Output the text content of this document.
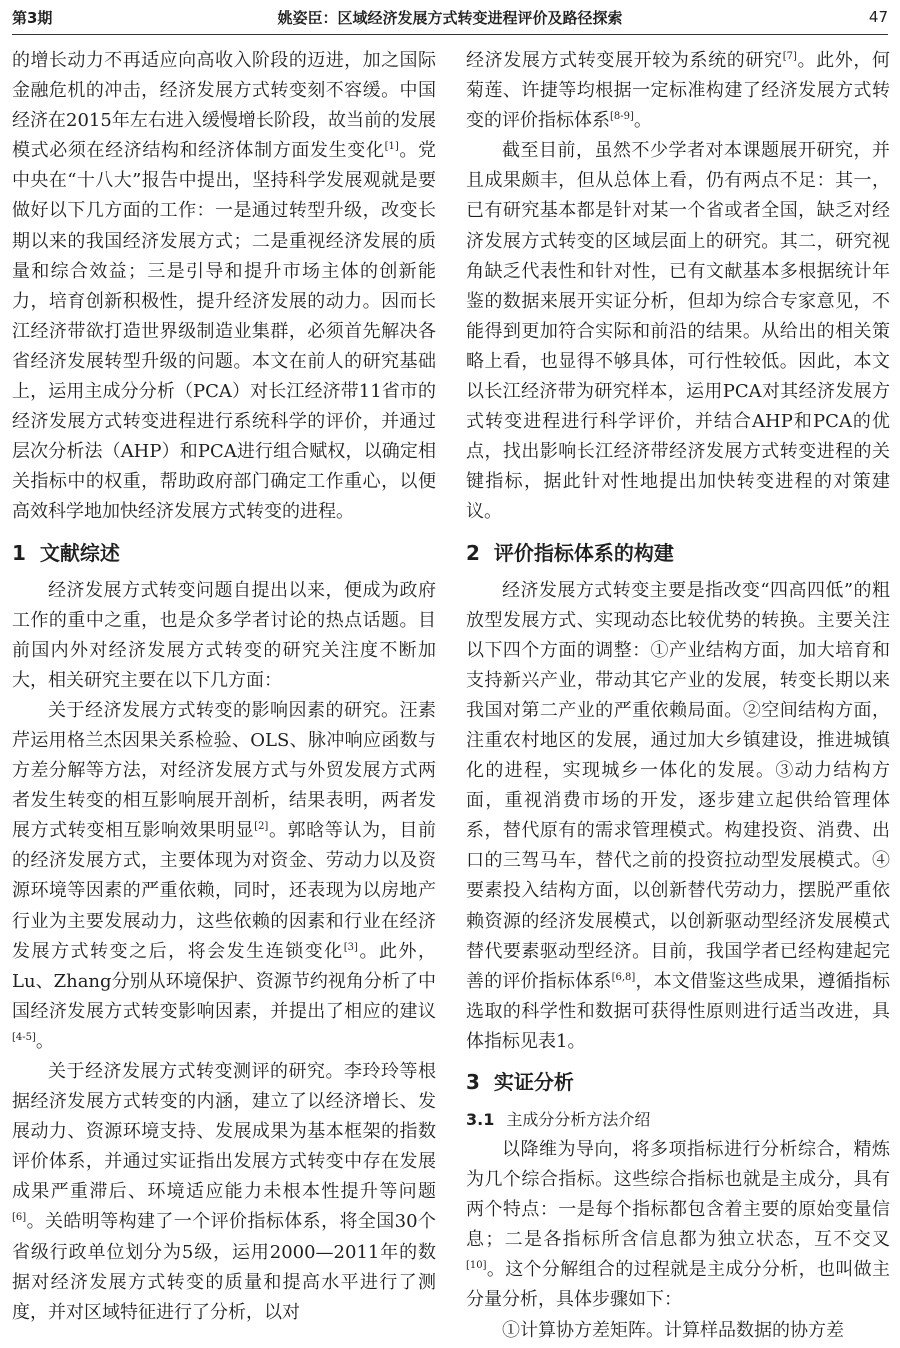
第3期	姚姿臣：区域经济发展方式转变进程评价及路径探索	47

的增长动力不再适应向高收入阶段的迈进，加之国际金融危机的冲击，经济发展方式转变刻不容缓。中国经济在2015年左右进入缓慢增长阶段，故当前的发展模式必须在经济结构和经济体制方面发生变化[1]。党中央在“十八大”报告中提出，坚持科学发展观就是要做好以下几方面的工作：一是通过转型升级，改变长期以来的我国经济发展方式；二是重视经济发展的质量和综合效益；三是引导和提升市场主体的创新能力，培育创新积极性，提升经济发展的动力。因而长江经济带欲打造世界级制造业集群，必须首先解决各省经济发展转型升级的问题。本文在前人的研究基础上，运用主成分分析（PCA）对长江经济带11省市的经济发展方式转变进程进行系统科学的评价，并通过层次分析法（AHP）和PCA进行组合赋权，以确定相关指标中的权重，帮助政府部门确定工作重心，以便高效科学地加快经济发展方式转变的进程。

1 文献综述

经济发展方式转变问题自提出以来，便成为政府工作的重中之重，也是众多学者讨论的热点话题。目前国内外对经济发展方式转变的研究关注度不断加大，相关研究主要在以下几方面：

关于经济发展方式转变的影响因素的研究。汪素芹运用格兰杰因果关系检验、OLS、脉冲响应函数与方差分解等方法，对经济发展方式与外贸发展方式两者发生转变的相互影响展开剖析，结果表明，两者发展方式转变相互影响效果明显[2]。郭晗等认为，目前的经济发展方式，主要体现为对资金、劳动力以及资源环境等因素的严重依赖，同时，还表现为以房地产行业为主要发展动力，这些依赖的因素和行业在经济发展方式转变之后，将会发生连锁变化[3]。此外，Lu、Zhang分别从环境保护、资源节约视角分析了中国经济发展方式转变影响因素，并提出了相应的建议[4-5]。

关于经济发展方式转变测评的研究。李玲玲等根据经济发展方式转变的内涵，建立了以经济增长、发展动力、资源环境支持、发展成果为基本框架的指数评价体系，并通过实证指出发展方式转变中存在发展成果严重滞后、环境适应能力未根本性提升等问题[6]。关皓明等构建了一个评价指标体系，将全国30个省级行政单位划分为5级，运用2000—2011年的数据对经济发展方式转变的质量和提高水平进行了测度，并对区域特征进行了分析，以对

经济发展方式转变展开较为系统的研究[7]。此外，何菊莲、许捷等均根据一定标准构建了经济发展方式转变的评价指标体系[8-9]。

截至目前，虽然不少学者对本课题展开研究，并且成果颇丰，但从总体上看，仍有两点不足：其一，已有研究基本都是针对某一个省或者全国，缺乏对经济发展方式转变的区域层面上的研究。其二，研究视角缺乏代表性和针对性，已有文献基本多根据统计年鉴的数据来展开实证分析，但却为综合专家意见，不能得到更加符合实际和前沿的结果。从给出的相关策略上看，也显得不够具体，可行性较低。因此，本文以长江经济带为研究样本，运用PCA对其经济发展方式转变进程进行科学评价，并结合AHP和PCA的优点，找出影响长江经济带经济发展方式转变进程的关键指标，据此针对性地提出加快转变进程的对策建议。

2 评价指标体系的构建

经济发展方式转变主要是指改变“四高四低”的粗放型发展方式、实现动态比较优势的转换。主要关注以下四个方面的调整：①产业结构方面，加大培育和支持新兴产业，带动其它产业的发展，转变长期以来我国对第二产业的严重依赖局面。②空间结构方面，注重农村地区的发展，通过加大乡镇建设，推进城镇化的进程，实现城乡一体化的发展。③动力结构方面，重视消费市场的开发，逐步建立起供给管理体系，替代原有的需求管理模式。构建投资、消费、出口的三驾马车，替代之前的投资拉动型发展模式。④要素投入结构方面，以创新替代劳动力，摆脱严重依赖资源的经济发展模式，以创新驱动型经济发展模式替代要素驱动型经济。目前，我国学者已经构建起完善的评价指标体系[6,8]，本文借鉴这些成果，遵循指标选取的科学性和数据可获得性原则进行适当改进，具体指标见表1。

3 实证分析
3.1 主成分分析方法介绍

以降维为导向，将多项指标进行分析综合，精炼为几个综合指标。这些综合指标也就是主成分，具有两个特点：一是每个指标都包含着主要的原始变量信息；二是各指标所含信息都为独立状态，互不交叉[10]。这个分解组合的过程就是主成分分析，也叫做主分量分析，具体步骤如下：

①计算协方差矩阵。计算样品数据的协方差
